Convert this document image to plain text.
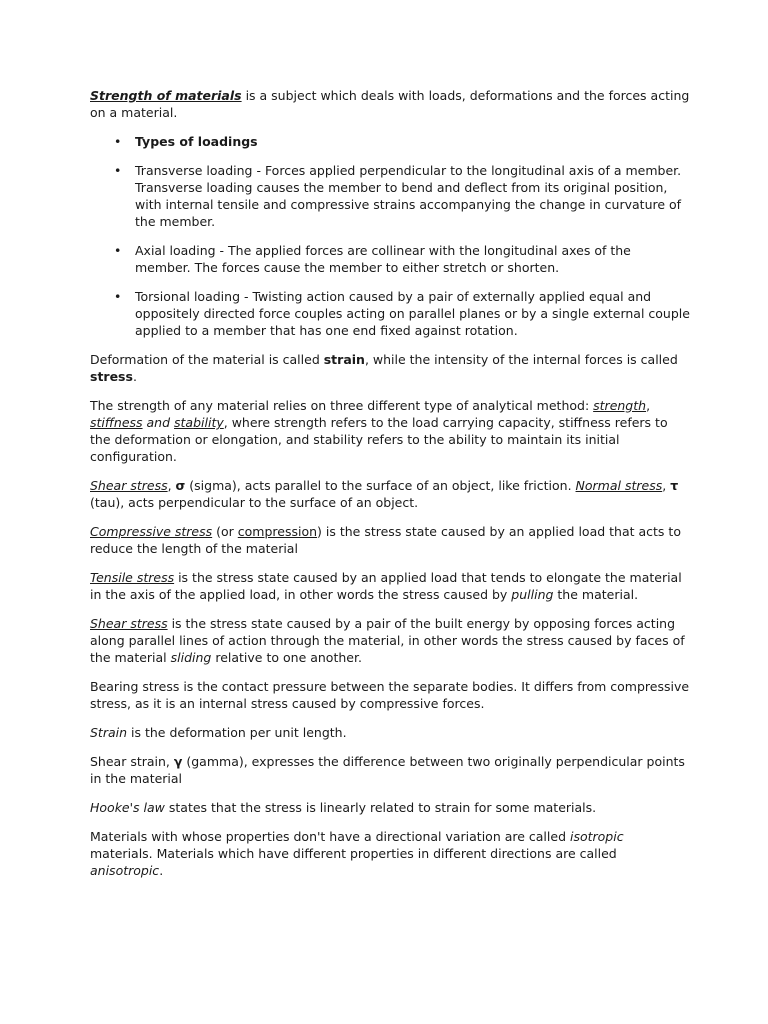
Strength of materials is a subject which deals with loads, deformations and the forces acting on a material.

• Types of loadings
• Transverse loading - Forces applied perpendicular to the longitudinal axis of a member. Transverse loading causes the member to bend and deflect from its original position, with internal tensile and compressive strains accompanying the change in curvature of the member.
• Axial loading - The applied forces are collinear with the longitudinal axes of the member. The forces cause the member to either stretch or shorten.
• Torsional loading - Twisting action caused by a pair of externally applied equal and oppositely directed force couples acting on parallel planes or by a single external couple applied to a member that has one end fixed against rotation.

Deformation of the material is called strain, while the intensity of the internal forces is called stress.

The strength of any material relies on three different type of analytical method: strength, stiffness and stability, where strength refers to the load carrying capacity, stiffness refers to the deformation or elongation, and stability refers to the ability to maintain its initial configuration.

Shear stress, σ (sigma), acts parallel to the surface of an object, like friction. Normal stress, τ (tau), acts perpendicular to the surface of an object.

Compressive stress (or compression) is the stress state caused by an applied load that acts to reduce the length of the material

Tensile stress is the stress state caused by an applied load that tends to elongate the material in the axis of the applied load, in other words the stress caused by pulling the material.

Shear stress is the stress state caused by a pair of the built energy by opposing forces acting along parallel lines of action through the material, in other words the stress caused by faces of the material sliding relative to one another.

Bearing stress is the contact pressure between the separate bodies. It differs from compressive stress, as it is an internal stress caused by compressive forces.

Strain is the deformation per unit length.

Shear strain, γ (gamma), expresses the difference between two originally perpendicular points in the material

Hooke's law states that the stress is linearly related to strain for some materials.

Materials with whose properties don't have a directional variation are called isotropic materials. Materials which have different properties in different directions are called anisotropic.
